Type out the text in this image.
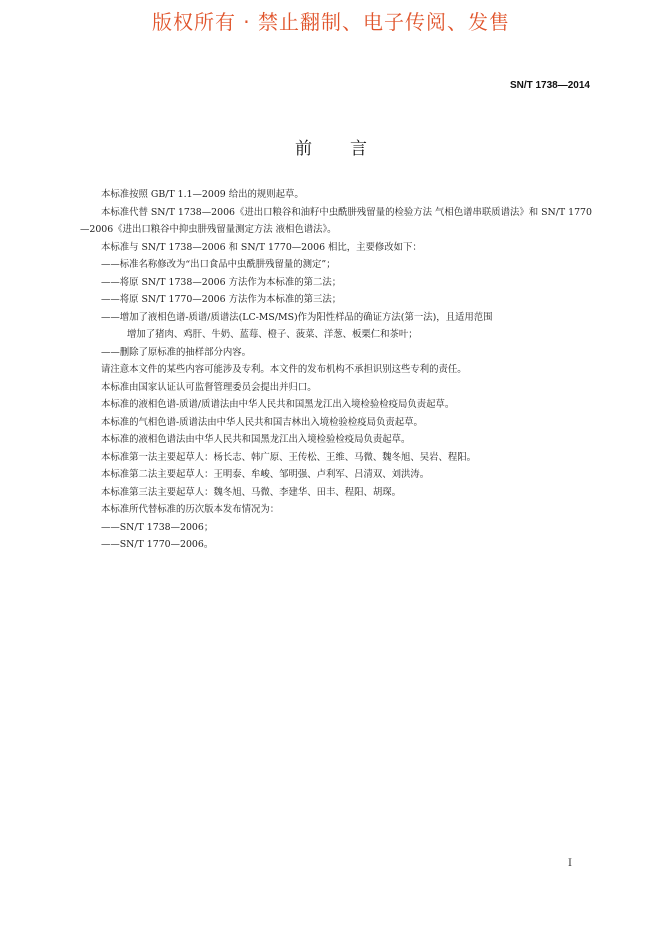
版权所有 · 禁止翻制、电子传阅、发售
SN/T 1738—2014
前言
本标准按照 GB/T 1.1—2009 给出的规则起草。
本标准代替 SN/T 1738—2006《进出口粮谷和油籽中虫酰肼残留量的检验方法 气相色谱串联质谱法》和 SN/T 1770—2006《进出口粮谷中抑虫肼残留量测定方法 液相色谱法》。
本标准与 SN/T 1738—2006 和 SN/T 1770—2006 相比，主要修改如下：
——标准名称修改为“出口食品中虫酰肼残留量的测定”；
——将原 SN/T 1738—2006 方法作为本标准的第二法；
——将原 SN/T 1770—2006 方法作为本标准的第三法；
——增加了液相色谱-质谱/质谱法(LC-MS/MS)作为阳性样品的确证方法(第一法)，且适用范围
增加了猪肉、鸡肝、牛奶、蓝莓、橙子、菠菜、洋葱、板栗仁和茶叶；
——删除了原标准的抽样部分内容。
请注意本文件的某些内容可能涉及专利。本文件的发布机构不承担识别这些专利的责任。
本标准由国家认证认可监督管理委员会提出并归口。
本标准的液相色谱-质谱/质谱法由中华人民共和国黑龙江出入境检验检疫局负责起草。
本标准的气相色谱-质谱法由中华人民共和国吉林出入境检验检疫局负责起草。
本标准的液相色谱法由中华人民共和国黑龙江出入境检验检疫局负责起草。
本标准第一法主要起草人：杨长志、韩广原、王传松、王维、马微、魏冬旭、吴岩、程阳。
本标准第二法主要起草人：王明泰、牟峻、邹明强、卢利军、吕清双、刘洪涛。
本标准第三法主要起草人：魏冬旭、马微、李建华、田丰、程阳、胡琛。
本标准所代替标准的历次版本发布情况为：
——SN/T 1738—2006；
——SN/T 1770—2006。
I
